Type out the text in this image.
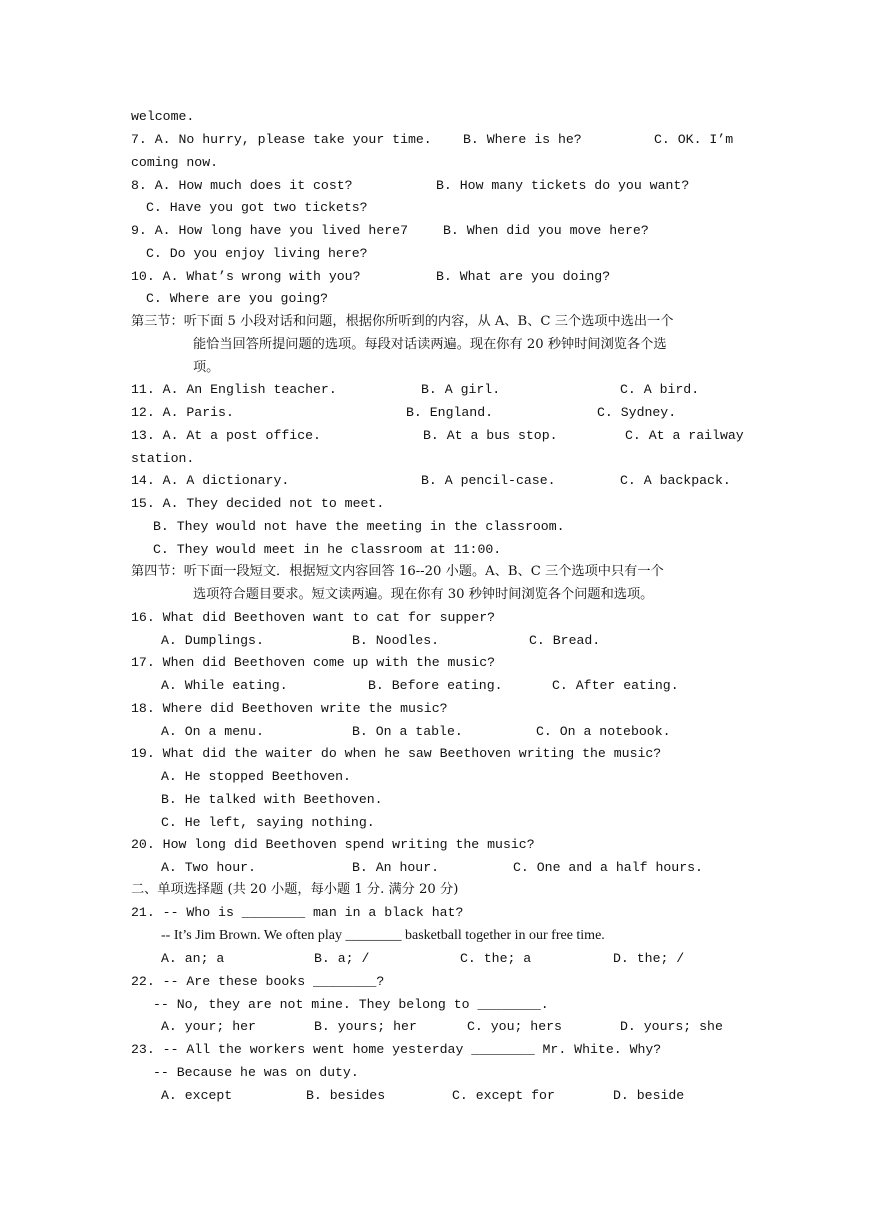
welcome.
7. A. No hurry, please take your time. B. Where is he?	C. OK. I’m
coming now.
8. A. How much does it cost?	B. How many tickets do you want?
C. Have you got two tickets?
9. A. How long have you lived here7	B. When did you move here?
C. Do you enjoy living here?
10. A. What’s wrong with you?	B. What are you doing?
C. Where are you going?
第三节：听下面 5 小段对话和问题，根据你所听到的内容，从 A、B、C 三个选项中选出一个
能恰当回答所提问题的选项。每段对话读两遍。现在你有 20 秒钟时间浏览各个选
项。
11. A. An English teacher.	B. A girl.	C. A bird.
12. A. Paris.	B. England.	C. Sydney.
13. A. At a post office.	B. At a bus stop.	C. At a railway
station.
14. A. A dictionary.	B. A pencil-case.	C. A backpack.
15. A. They decided not to meet.
B. They would not have the meeting in the classroom.
C. They would meet in he classroom at 11:00.
第四节：听下面一段短文．根据短文内容回答 16--20 小题。A、B、C 三个选项中只有一个
选项符合题目要求。短文读两遍。现在你有 30 秒钟时间浏览各个问题和选项。
16. What did Beethoven want to cat for supper?
A. Dumplings.	B. Noodles.	C. Bread.
17. When did Beethoven come up with the music?
A. While eating.	B. Before eating.	C. After eating.
18. Where did Beethoven write the music?
A. On a menu.	B. On a table.	C. On a notebook.
19. What did the waiter do when he saw Beethoven writing the music?
A. He stopped Beethoven.
B. He talked with Beethoven.
C. He left, saying nothing.
20. How long did Beethoven spend writing the music?
A. Two hour.	B. An hour.	C. One and a half hours.
二、单项选择题 (共 20 小题，每小题 1 分. 满分 20 分)
21. -- Who is ________ man in a black hat?
-- It’s Jim Brown. We often play ________ basketball together in our free time.
A. an; a	B. a; /	C. the; a	D. the; /
22. -- Are these books ________?
-- No, they are not mine. They belong to ________.
A. your; her	B. yours; her	C. you; hers	D. yours; she
23. -- All the workers went home yesterday ________ Mr. White. Why?
-- Because he was on duty.
A. except	B. besides	C. except for	D. beside
